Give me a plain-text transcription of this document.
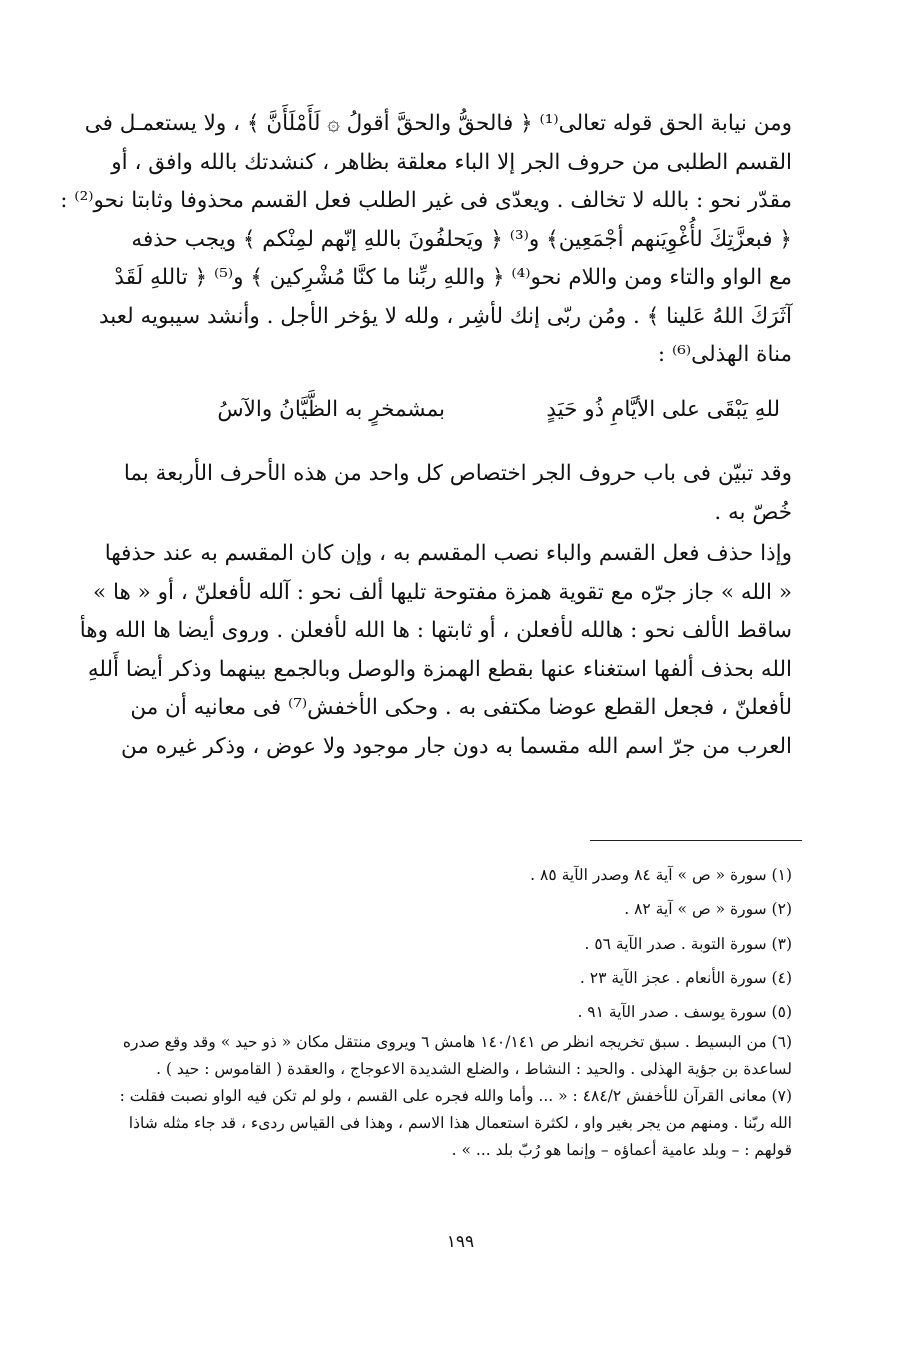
ومن نيابة الحق قوله تعالى⁽¹⁾ ﴿ فالحقُّ والحقَّ أقولُ ۞ لَأَمْلَأَنَّ ﴾ ، ولا يستعمـل فى
القسم الطلبى من حروف الجر إلا الباء معلقة بظاهر ، كنشدتك بالله وافق ، أو
مقدّر نحو : بالله لا تخالف . ويعدّى فى غير الطلب فعل القسم محذوفا وثابتا نحو⁽²⁾ :
﴿ فبعزَّتِكَ لأُغْوِيَنهم أجْمَعِين﴾ و⁽³⁾ ﴿ ويَحلفُونَ باللهِ إنّهم لمِنْكم ﴾ ويجب حذفه
مع الواو والتاء ومن واللام نحو⁽⁴⁾ ﴿ واللهِ ربِّنا ما كنَّا مُشْرِكين ﴾ و⁽⁵⁾ ﴿ تاللهِ لَقَدْ
آثَرَكَ اللهُ عَلينا ﴾ . ومُن ربّى إنك لأشِر ، ولله لا يؤخر الأجل . وأنشد سيبويه لعبد
مناة الهذلى⁽⁶⁾ :
للهِ يَبْقَى على الأيَّامِ ذُو حَيَدٍ
بمشمخرٍ به الظَّيَّانُ والآسُ
وقد تبيّن فى باب حروف الجر اختصاص كل واحد من هذه الأحرف الأربعة بما
خُصّ به .
وإذا حذف فعل القسم والباء نصب المقسم به ، وإن كان المقسم به عند حذفها
« الله » جاز جرّه مع تقوية همزة مفتوحة تليها ألف نحو : آلله لأفعلنّ ، أو « ها »
ساقط الألف نحو : هالله لأفعلن ، أو ثابتها : ها الله لأفعلن . وروى أيضا ها الله وهأ
الله بحذف ألفها استغناء عنها بقطع الهمزة والوصل وبالجمع بينهما وذكر أيضا أَللهِ
لأفعلنّ ، فجعل القطع عوضا مكتفى به . وحكى الأخفش⁽⁷⁾ فى معانيه أن من
العرب من جرّ اسم الله مقسما به دون جار موجود ولا عوض ، وذكر غيره من
(١) سورة « ص » آية ٨٤ وصدر الآية ٨٥ .
(٢) سورة « ص » آية ٨٢ .
(٣) سورة التوبة . صدر الآية ٥٦ .
(٤) سورة الأنعام . عجز الآية ٢٣ .
(٥) سورة يوسف . صدر الآية ٩١ .
(٦) من البسيط . سبق تخريجه انظر ص ١٤٠/١٤١ هامش ٦ ويروى منتقل مكان « ذو حيد » وقد وقع صدره
لساعدة بن جؤية الهذلى . والحيد : النشاط ، والضلع الشديدة الاعوجاج ، والعقدة ( القاموس : حيد ) .
(٧) معانى القرآن للأخفش ٤٨٤/٢ : « ... وأما والله فجره على القسم ، ولو لم تكن فيه الواو نصبت فقلت :
الله ربّنا . ومنهم من يجر بغير واو ، لكثرة استعمال هذا الاسم ، وهذا فى القياس ردىء ، قد جاء مثله شاذا
قولهم : – وبلد عامية أعماؤه – وإنما هو رُبّ بلد ... » .
١٩٩
